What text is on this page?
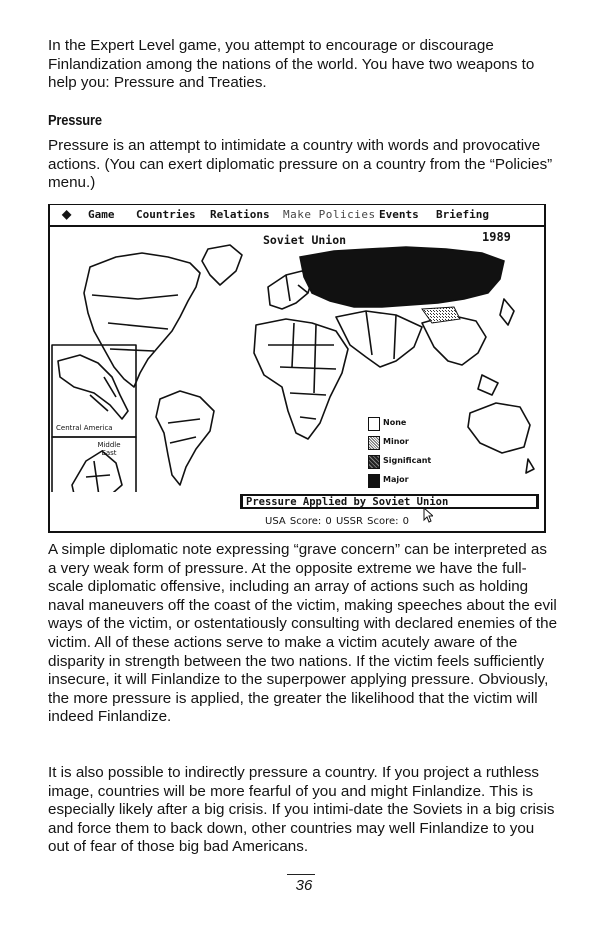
In the Expert Level game, you attempt to encourage or discourage Finlandization among the nations of the world. You have two weapons to help you: Pressure and Treaties.

Pressure

Pressure is an attempt to intimidate a country with words and provocative actions. (You can exert diplomatic pressure on a country from the “Policies” menu.)

◆ Game Countries Relations Make Policies Events Briefing
Soviet Union	1989
Central America
Middle East
None
Minor
Significant
Major
Pressure Applied by Soviet Union
USA Score: 0 USSR Score: 0

A simple diplomatic note expressing “grave concern” can be interpreted as a very weak form of pressure. At the opposite extreme we have the full-scale diplomatic offensive, including an array of actions such as holding naval maneuvers off the coast of the victim, making speeches about the evil ways of the victim, or ostentatiously consulting with declared enemies of the victim. All of these actions serve to make a victim acutely aware of the disparity in strength between the two nations. If the victim feels sufficiently insecure, it will Finlandize to the superpower applying pressure. Obviously, the more pressure is applied, the greater the likelihood that the victim will indeed Finlandize.

It is also possible to indirectly pressure a country. If you project a ruthless image, countries will be more fearful of you and might Finlandize. This is especially likely after a big crisis. If you intimi-date the Soviets in a big crisis and force them to back down, other countries may well Finlandize to you out of fear of those big bad Americans.

36
